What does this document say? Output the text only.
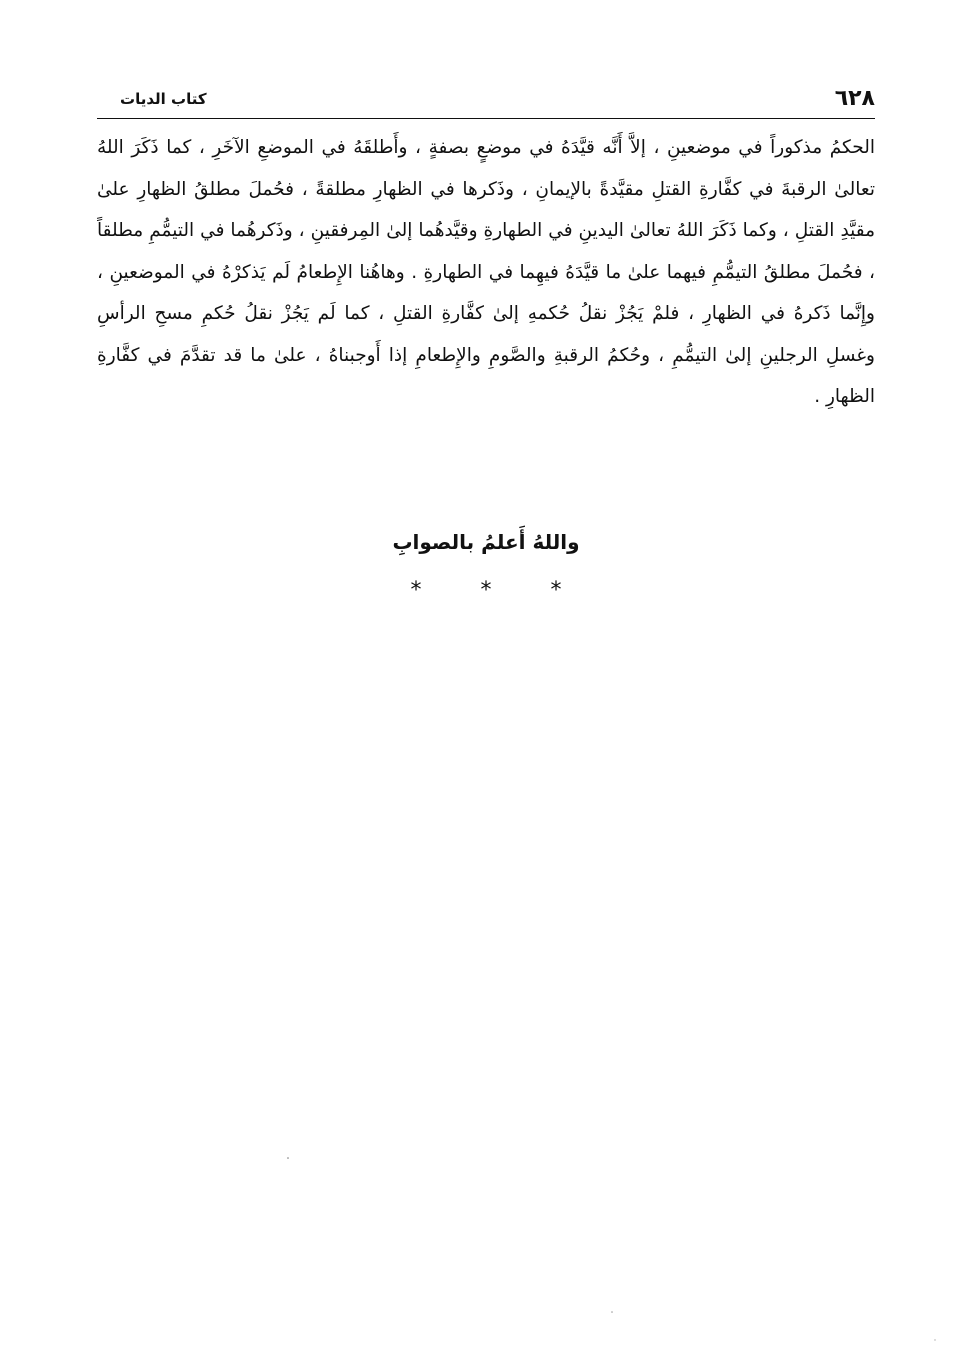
٦٢٨
كتاب الديات

الحكمُ مذكوراً في موضعينِ ، إلاَّ أَنَّه قيَّدَهُ في موضعٍ بصفةٍ ، وأَطلقَهُ في الموضعِ الآخَرِ ، كما ذَكَرَ اللهُ تعالىٰ الرقبةَ في كفَّارةِ القتلِ مقيَّدةً بالإيمانِ ، وذَكرها في الظهارِ مطلقةً ، فحُملَ مطلقُ الظهارِ علىٰ مقيَّدِ القتلِ ، وكما ذَكَرَ اللهُ تعالىٰ اليدينِ في الطهارةِ وقيَّدهُما إلىٰ المِرفقينِ ، وذَكرهُما في التيمُّمِ مطلقاً ، فحُملَ مطلقُ التيمُّمِ فيهما علىٰ ما قيَّدَهُ فيهِما في الطهارةِ . وهاهُنا الإِطعامُ لَم يَذكرْهُ في الموضعينِ ، وإِنَّما ذَكرهُ في الظهارِ ، فلمْ يَجُزْ نقلُ حُكمهِ إلىٰ كفَّارةِ القتلِ ، كما لَم يَجُزْ نقلُ حُكمِ مسحِ الرأسِ وغسلِ الرجلينِ إلىٰ التيمُّمِ ، وحُكمُ الرقبةِ والصَّومِ والإِطعامِ إذا أَوجبناهُ ، علىٰ ما قد تقدَّمَ في كفَّارةِ الظهارِ .

واللهُ أَعلمُ بالصوابِ
* * *
